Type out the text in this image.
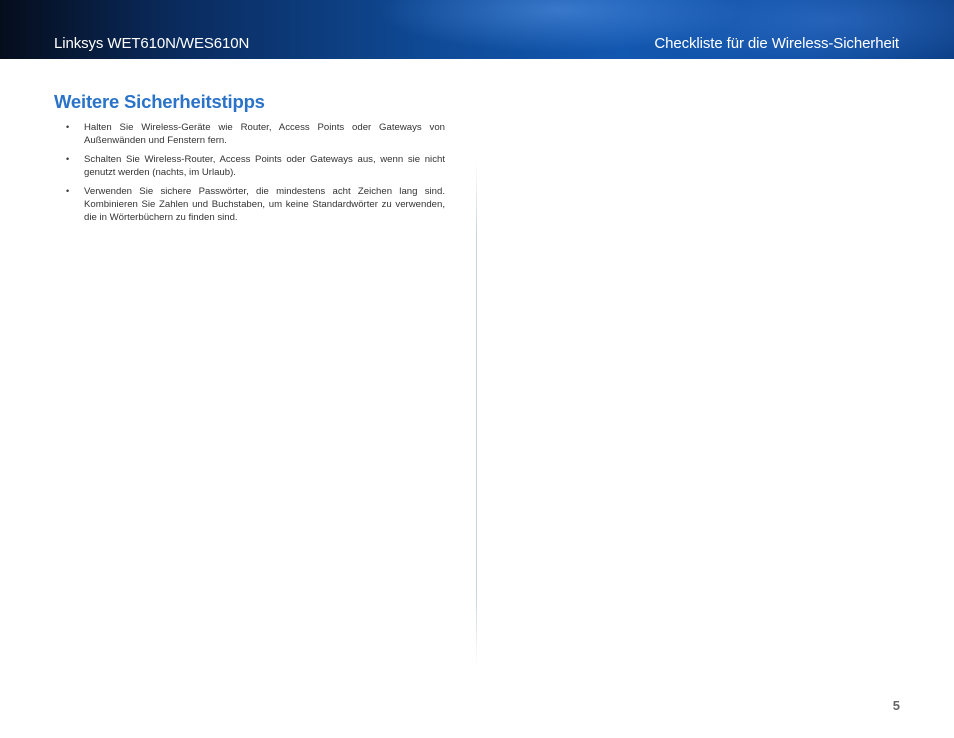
Linksys WET610N/WES610N	Checkliste für die Wireless-Sicherheit
Weitere Sicherheitstipps
• Halten Sie Wireless-Geräte wie Router, Access Points oder Gateways von Außenwänden und Fenstern fern.
• Schalten Sie Wireless-Router, Access Points oder Gateways aus, wenn sie nicht genutzt werden (nachts, im Urlaub).
• Verwenden Sie sichere Passwörter, die mindestens acht Zeichen lang sind. Kombinieren Sie Zahlen und Buchstaben, um keine Standardwörter zu verwenden, die in Wörterbüchern zu finden sind.
5
